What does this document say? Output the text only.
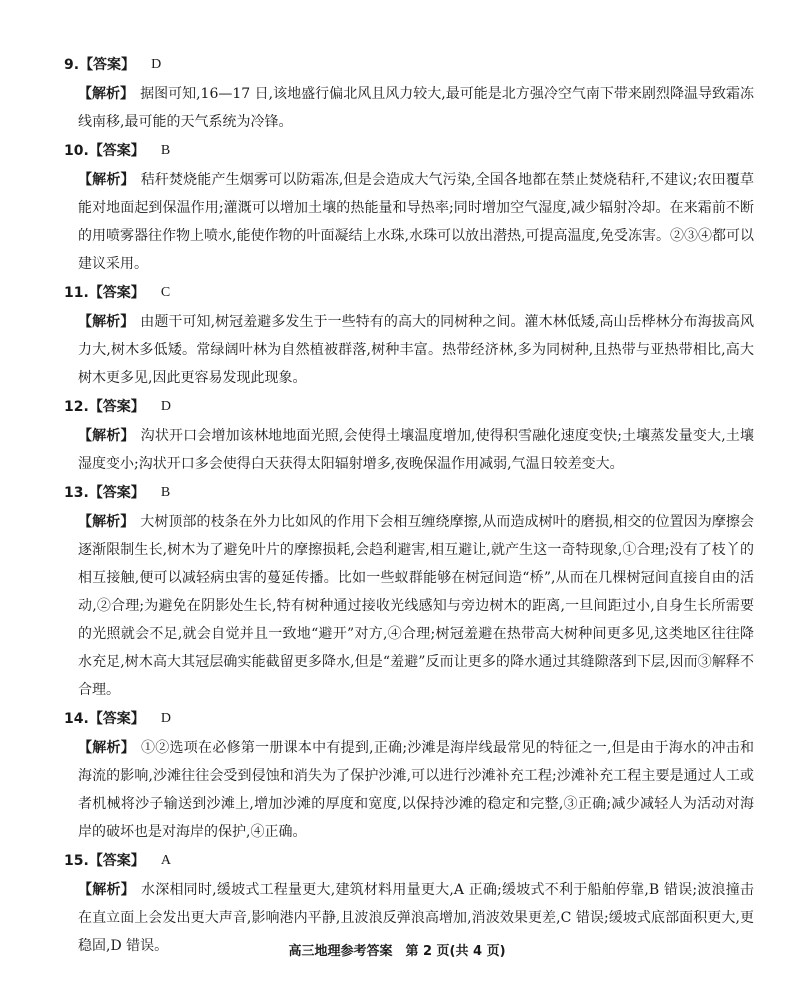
9. 【答案】 D

【解析】 据图可知,16—17 日,该地盛行偏北风且风力较大,最可能是北方强冷空气南下带来剧烈降温导致霜冻线南移,最可能的天气系统为冷锋。

10. 【答案】 B

【解析】 秸秆焚烧能产生烟雾可以防霜冻,但是会造成大气污染,全国各地都在禁止焚烧秸秆,不建议;农田覆草能对地面起到保温作用;灌溉可以增加土壤的热能量和导热率;同时增加空气湿度,减少辐射冷却。在来霜前不断的用喷雾器往作物上喷水,能使作物的叶面凝结上水珠,水珠可以放出潜热,可提高温度,免受冻害。②③④都可以建议采用。

11. 【答案】 C

【解析】 由题干可知,树冠羞避多发生于一些特有的高大的同树种之间。灌木林低矮,高山岳桦林分布海拔高风力大,树木多低矮。常绿阔叶林为自然植被群落,树种丰富。热带经济林,多为同树种,且热带与亚热带相比,高大树木更多见,因此更容易发现此现象。

12. 【答案】 D

【解析】 沟状开口会增加该林地地面光照,会使得土壤温度增加,使得积雪融化速度变快;土壤蒸发量变大,土壤湿度变小;沟状开口多会使得白天获得太阳辐射增多,夜晚保温作用减弱,气温日较差变大。

13. 【答案】 B

【解析】 大树顶部的枝条在外力比如风的作用下会相互缠绕摩擦,从而造成树叶的磨损,相交的位置因为摩擦会逐渐限制生长,树木为了避免叶片的摩擦损耗,会趋利避害,相互避让,就产生这一奇特现象,①合理;没有了枝丫的相互接触,便可以减轻病虫害的蔓延传播。比如一些蚁群能够在树冠间造“桥”,从而在几棵树冠间直接自由的活动,②合理;为避免在阴影处生长,特有树种通过接收光线感知与旁边树木的距离,一旦间距过小,自身生长所需要的光照就会不足,就会自觉并且一致地“避开”对方,④合理;树冠羞避在热带高大树种间更多见,这类地区往往降水充足,树木高大其冠层确实能截留更多降水,但是“羞避”反而让更多的降水通过其缝隙落到下层,因而③解释不合理。

14. 【答案】 D

【解析】 ①②选项在必修第一册课本中有提到,正确;沙滩是海岸线最常见的特征之一,但是由于海水的冲击和海流的影响,沙滩往往会受到侵蚀和消失为了保护沙滩,可以进行沙滩补充工程;沙滩补充工程主要是通过人工或者机械将沙子输送到沙滩上,增加沙滩的厚度和宽度,以保持沙滩的稳定和完整,③正确;减少减轻人为活动对海岸的破坏也是对海岸的保护,④正确。

15. 【答案】 A

【解析】 水深相同时,缓坡式工程量更大,建筑材料用量更大,A 正确;缓坡式不利于船舶停靠,B 错误;波浪撞击在直立面上会发出更大声音,影响港内平静,且波浪反弹浪高增加,消波效果更差,C 错误;缓坡式底部面积更大,更稳固,D 错误。	高三地理参考答案　第 2 页(共 4 页)
